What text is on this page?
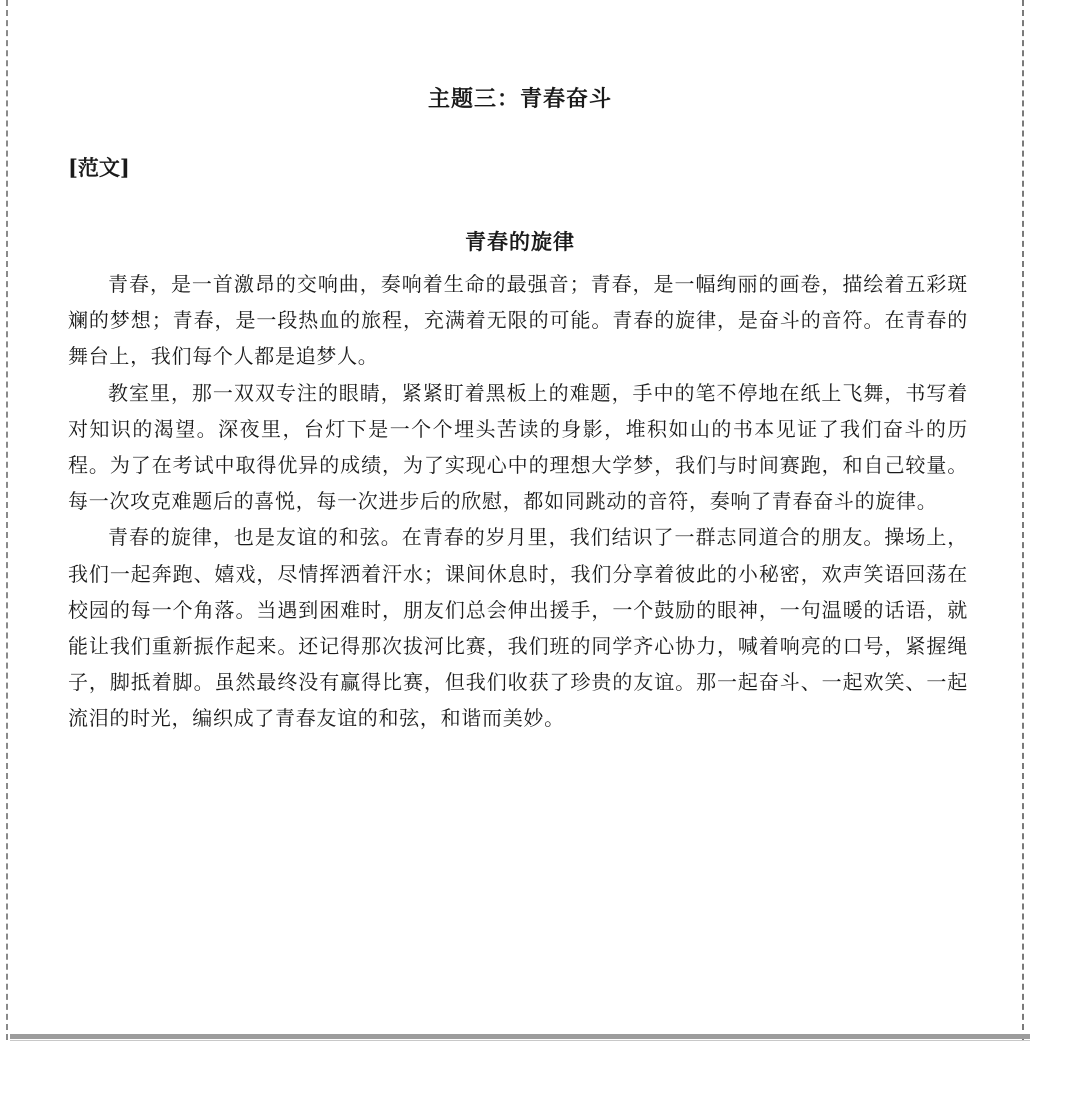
主题三：青春奋斗
[范文]
青春的旋律

青春，是一首激昂的交响曲，奏响着生命的最强音；青春，是一幅绚丽的画卷，描绘着五彩斑斓的梦想；青春，是一段热血的旅程，充满着无限的可能。青春的旋律，是奋斗的音符。在青春的舞台上，我们每个人都是追梦人。

教室里，那一双双专注的眼睛，紧紧盯着黑板上的难题，手中的笔不停地在纸上飞舞，书写着对知识的渴望。深夜里，台灯下是一个个埋头苦读的身影，堆积如山的书本见证了我们奋斗的历程。为了在考试中取得优异的成绩，为了实现心中的理想大学梦，我们与时间赛跑，和自己较量。每一次攻克难题后的喜悦，每一次进步后的欣慰，都如同跳动的音符，奏响了青春奋斗的旋律。

青春的旋律，也是友谊的和弦。在青春的岁月里，我们结识了一群志同道合的朋友。操场上，我们一起奔跑、嬉戏，尽情挥洒着汗水；课间休息时，我们分享着彼此的小秘密，欢声笑语回荡在校园的每一个角落。当遇到困难时，朋友们总会伸出援手，一个鼓励的眼神，一句温暖的话语，就能让我们重新振作起来。还记得那次拔河比赛，我们班的同学齐心协力，喊着响亮的口号，紧握绳子，脚抵着脚。虽然最终没有赢得比赛，但我们收获了珍贵的友谊。那一起奋斗、一起欢笑、一起流泪的时光，编织成了青春友谊的和弦，和谐而美妙。
